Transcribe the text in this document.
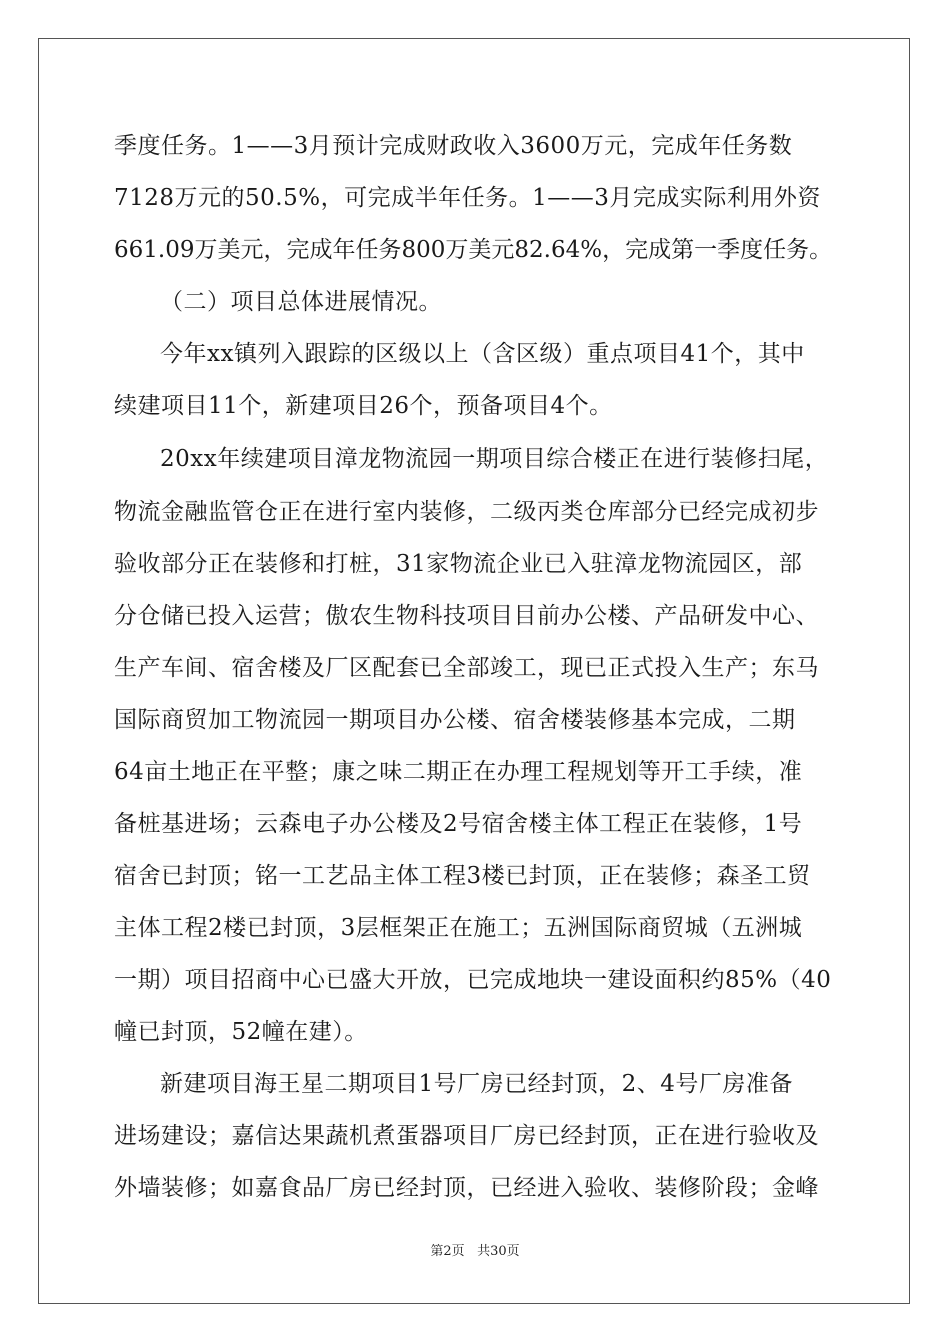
季度任务。1——3月预计完成财政收入3600万元，完成年任务数
7128万元的50.5%，可完成半年任务。1——3月完成实际利用外资
661.09万美元，完成年任务800万美元82.64%，完成第一季度任务。
（二）项目总体进展情况。
今年xx镇列入跟踪的区级以上（含区级）重点项目41个，其中
续建项目11个，新建项目26个，预备项目4个。
20xx年续建项目漳龙物流园一期项目综合楼正在进行装修扫尾，
物流金融监管仓正在进行室内装修，二级丙类仓库部分已经完成初步
验收部分正在装修和打桩，31家物流企业已入驻漳龙物流园区，部
分仓储已投入运营；傲农生物科技项目目前办公楼、产品研发中心、
生产车间、宿舍楼及厂区配套已全部竣工，现已正式投入生产；东马
国际商贸加工物流园一期项目办公楼、宿舍楼装修基本完成，二期
64亩土地正在平整；康之味二期正在办理工程规划等开工手续，准
备桩基进场；云森电子办公楼及2号宿舍楼主体工程正在装修，1号
宿舍已封顶；铭一工艺品主体工程3楼已封顶，正在装修；森圣工贸
主体工程2楼已封顶，3层框架正在施工；五洲国际商贸城（五洲城
一期）项目招商中心已盛大开放，已完成地块一建设面积约85%（40
幢已封顶，52幢在建）。
新建项目海王星二期项目1号厂房已经封顶，2、4号厂房准备
进场建设；嘉信达果蔬机煮蛋器项目厂房已经封顶，正在进行验收及
外墙装修；如嘉食品厂房已经封顶，已经进入验收、装修阶段；金峰
第2页 共30页
